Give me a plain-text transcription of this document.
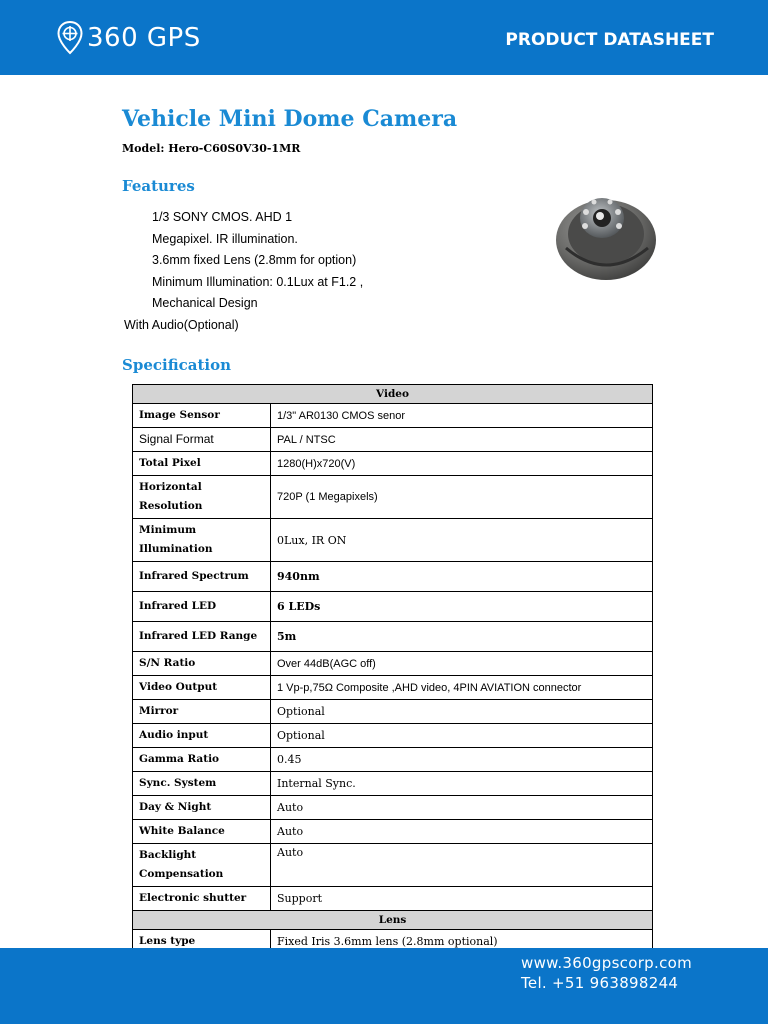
360 GPS	PRODUCT DATASHEET
Vehicle Mini Dome Camera
Model: Hero-C60S0V30-1MR
Features
1/3 SONY CMOS. AHD 1
Megapixel. IR illumination.
3.6mm fixed Lens (2.8mm for option)
Minimum Illumination: 0.1Lux at F1.2 ,
Mechanical Design
With Audio(Optional)
Specification
Video	
Image Sensor	1/3" AR0130 CMOS senor
Signal Format	PAL / NTSC
Total Pixel	1280(H)x720(V)
Horizontal Resolution	720P (1 Megapixels)
Minimum Illumination	0Lux, IR ON
Infrared Spectrum	940nm
Infrared LED	6 LEDs
Infrared LED Range	5m
S/N Ratio	Over 44dB(AGC off)
Video Output	1 Vp-p,75Ω Composite ,AHD video, 4PIN AVIATION connector
Mirror	Optional
Audio input	Optional
Gamma Ratio	0.45
Sync. System	Internal Sync.
Day & Night	Auto
White Balance	Auto
Backlight Compensation	Auto
Electronic shutter	Support
Lens	
Lens type	Fixed Iris 3.6mm lens (2.8mm optional)

www.360gpscorp.com
Tel. +51 963898244
